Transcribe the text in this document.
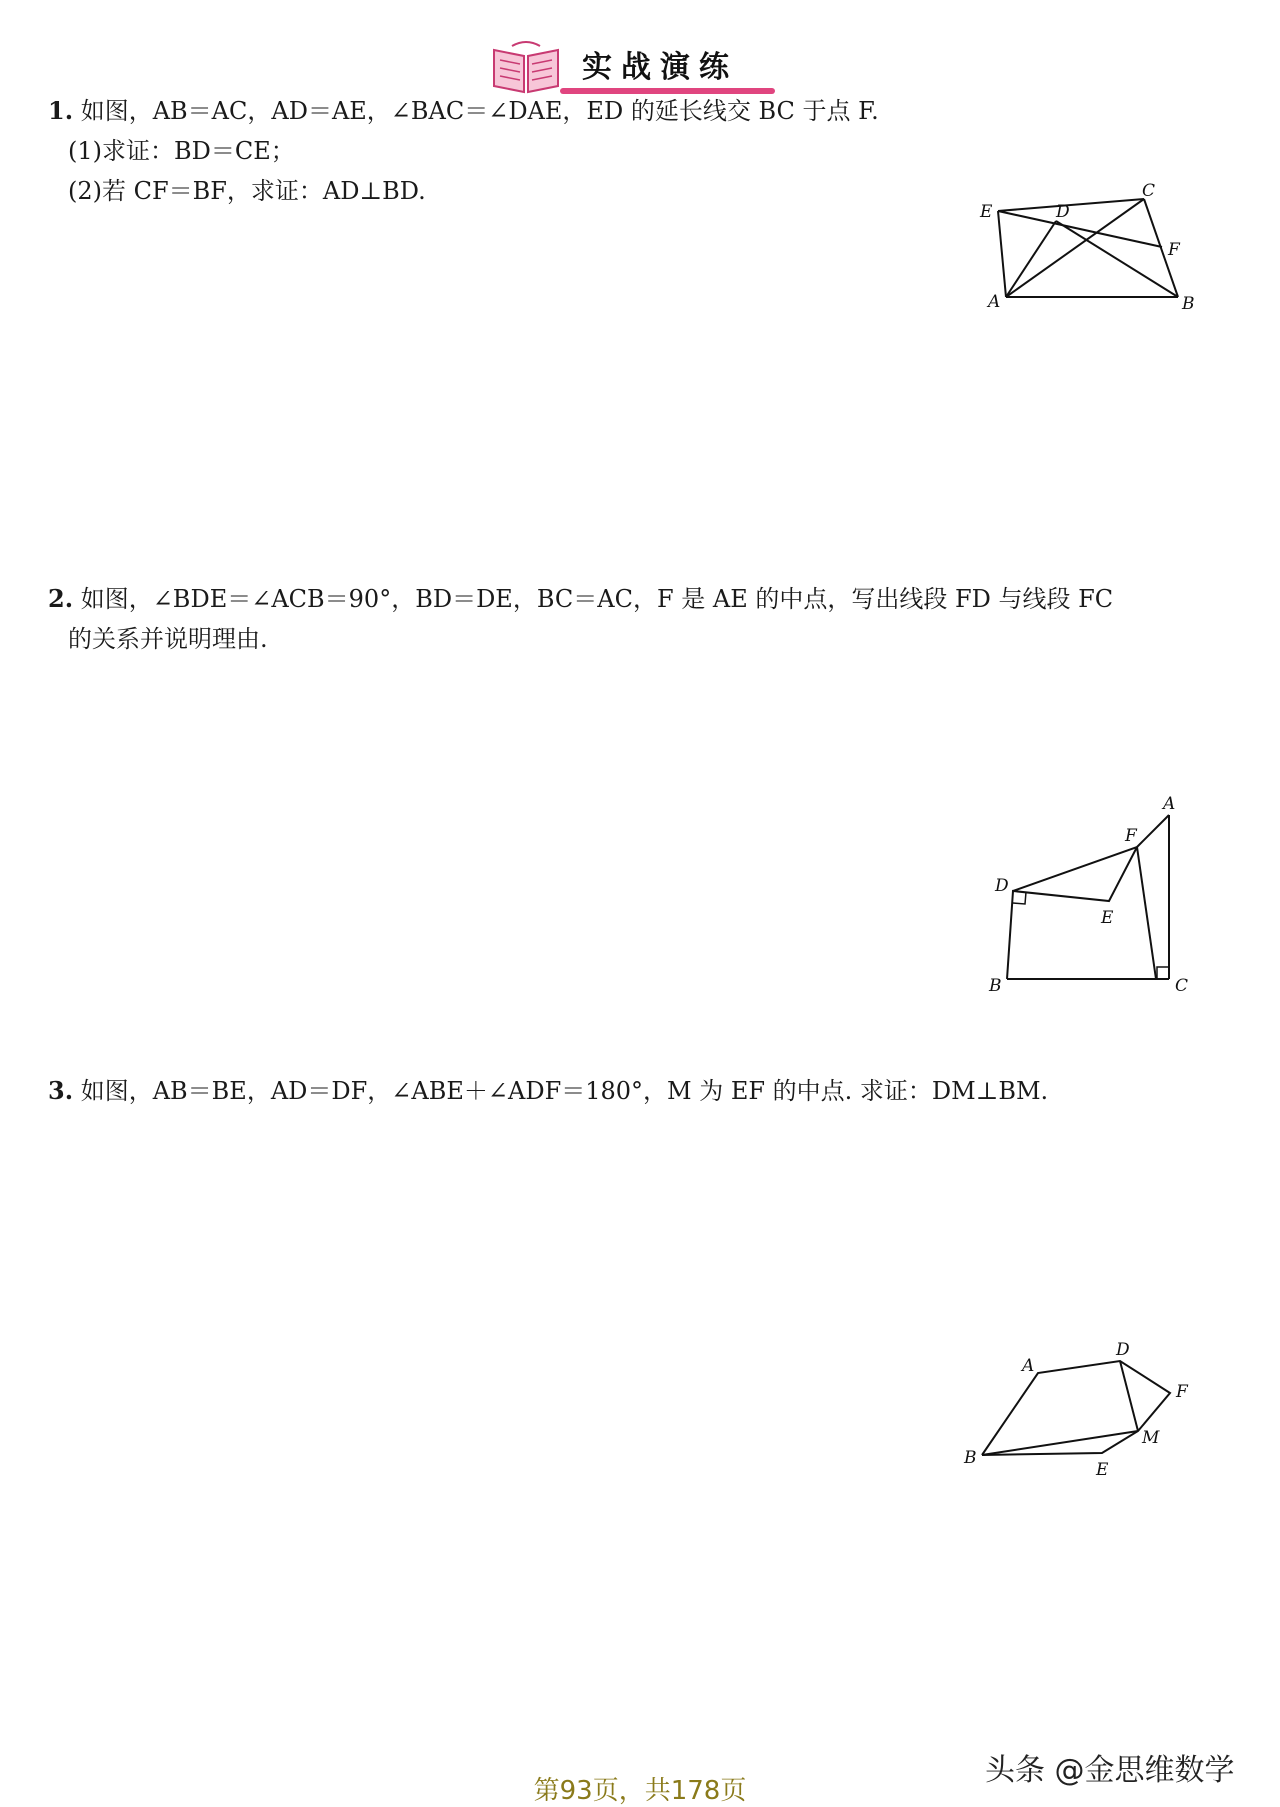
实战演练
1. 如图，AB＝AC，AD＝AE，∠BAC＝∠DAE，ED 的延长线交 BC 于点 F.
(1)求证：BD＝CE；
(2)若 CF＝BF，求证：AD⊥BD.
E	D
C
F
A	B
2. 如图，∠BDE＝∠ACB＝90°，BD＝DE，BC＝AC，F 是 AE 的中点，写出线段 FD 与线段 FC
的关系并说明理由.
A
F
D
E
B	C
3. 如图，AB＝BE，AD＝DF，∠ABE＋∠ADF＝180°，M 为 EF 的中点. 求证：DM⊥BM.
A
D
F
M
B
E
头条 @金思维数学
第93页，共178页
